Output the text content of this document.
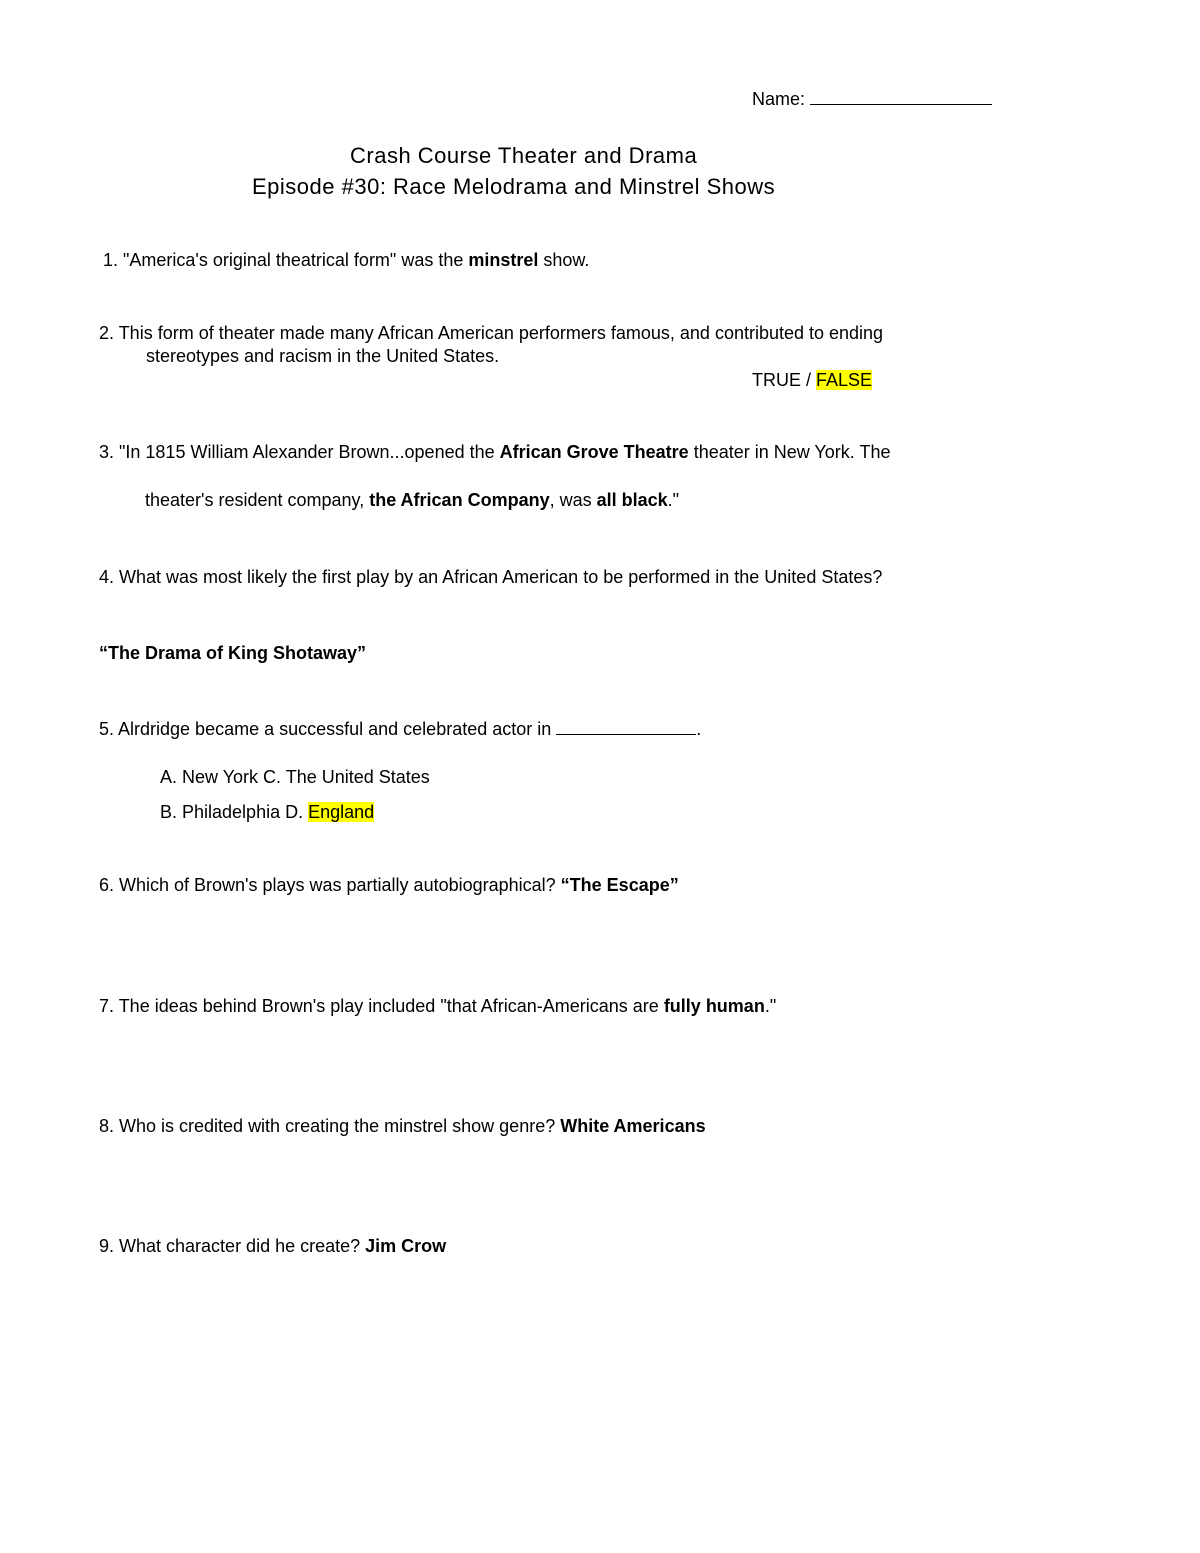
Name:
Crash Course Theater and Drama
Episode #30: Race Melodrama and Minstrel Shows
1. "America's original theatrical form" was the minstrel show.
2. This form of theater made many African American performers famous, and contributed to ending
stereotypes and racism in the United States.
TRUE / FALSE
3. "In 1815 William Alexander Brown...opened the African Grove Theatre theater in New York. The
theater's resident company, the African Company, was all black."
4. What was most likely the first play by an African American to be performed in the United States?
“The Drama of King Shotaway”
5. Alrdridge became a successful and celebrated actor in	.
A. New York C. The United States
B. Philadelphia D. England
6. Which of Brown's plays was partially autobiographical? “The Escape”
7. The ideas behind Brown's play included "that African-Americans are fully human."
8. Who is credited with creating the minstrel show genre? White Americans
9. What character did he create? Jim Crow
